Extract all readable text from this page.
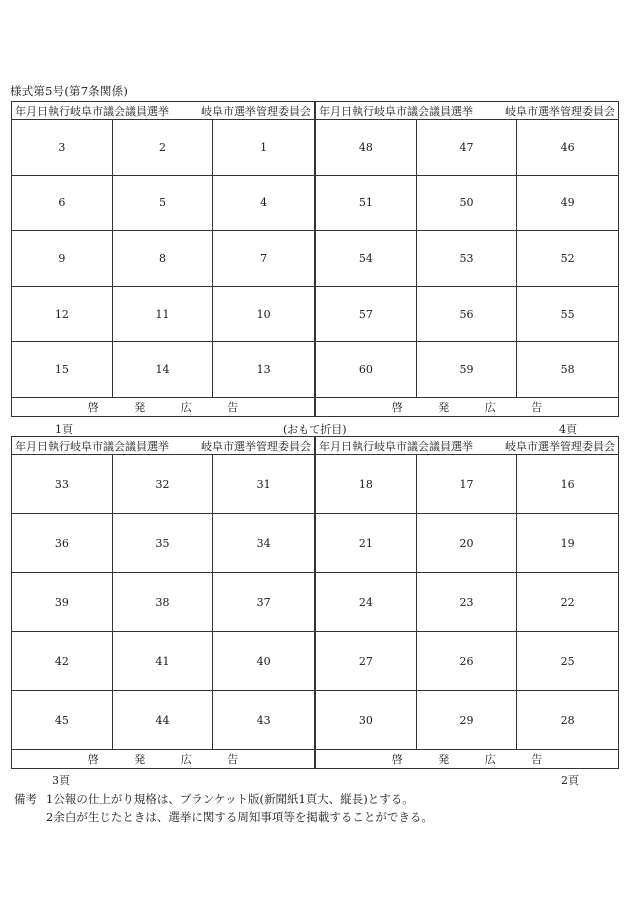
様式第5号(第7条関係)
年月日執行岐阜市議会議員選挙	岐阜市選挙管理委員会
3	2	1
6	5	4
9	8	7
12	11	10
15	14	13
啓	発	広	告
年月日執行岐阜市議会議員選挙	岐阜市選挙管理委員会
48	47	46
51	50	49
54	53	52
57	56	55
60	59	58
啓	発	広	告
1頁	(おもて折目)	4頁
年月日執行岐阜市議会議員選挙	岐阜市選挙管理委員会
33	32	31
36	35	34
39	38	37
42	41	40
45	44	43
啓	発	広	告
年月日執行岐阜市議会議員選挙	岐阜市選挙管理委員会
18	17	16
21	20	19
24	23	22
27	26	25
30	29	28
啓	発	広	告
3頁	2頁
備考 1公報の仕上がり規格は、ブランケット版(新聞紙1頁大、縦長)とする。
2余白が生じたときは、選挙に関する周知事項等を掲載することができる。
